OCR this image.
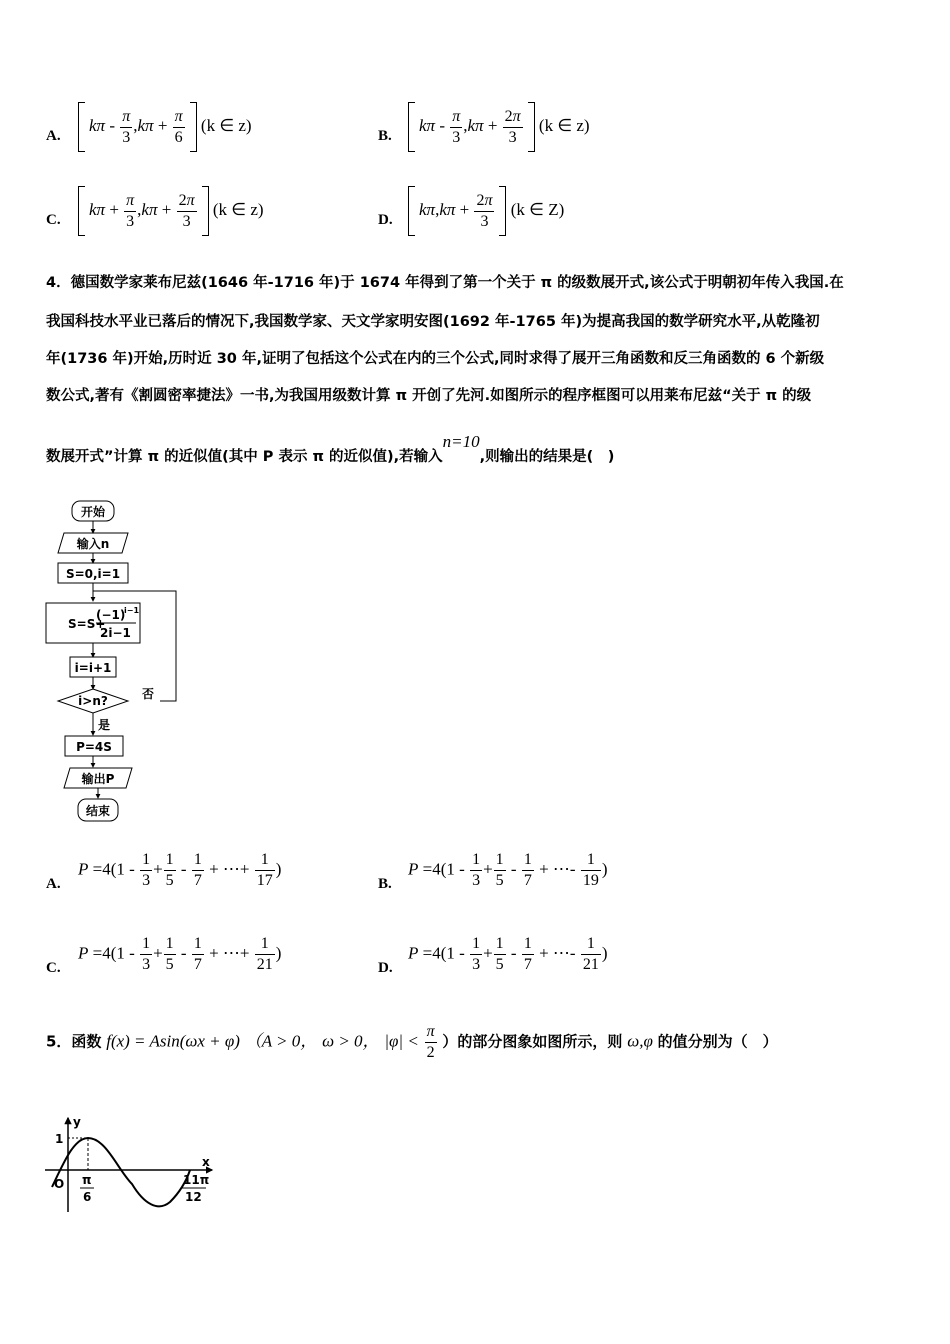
A.
$k\pi - \frac{\pi}{3} ,k\pi + \frac{\pi}{6} (k$ ∈ z)
B.
$k\pi - \frac{\pi}{3} ,k\pi + \frac{2\pi}{3} (k$ ∈ z)
C.
$k\pi + \frac{\pi}{3} ,k\pi + \frac{2\pi}{3} (k$ ∈ z)
D.
$k\pi,k\pi + \frac{2\pi}{3} (k$ ∈ Z)
4．德国数学家莱布尼兹(1646 年-1716 年)于 1674 年得到了第一个关于 π 的级数展开式,该公式于明朝初年传入我国.在
我国科技水平业已落后的情况下,我国数学家、天文学家明安图(1692 年-1765 年)为提高我国的数学研究水平,从乾隆初
年(1736 年)开始,历时近 30 年,证明了包括这个公式在内的三个公式,同时求得了展开三角函数和反三角函数的 6 个新级
数公式,著有《割圆密率捷法》一书,为我国用级数计算 π 开创了先河.如图所示的程序框图可以用莱布尼兹“关于 π 的级
数展开式”计算 π 的近似值(其中 P 表示 π 的近似值),若输入n=10,则输出的结果是(　)
开始
输入n
S=0,i=1
S=S+
(−1)
i−1
2i−1
i=i+1
i>n?	否
是
P=4S
输出P
结束
A.
$P =4(1 - \frac{1}{3} + \frac{1}{5} - \frac{1}{7}$ + ⋯+ $\frac{1}{17}$ )
B.
$P =4(1 - \frac{1}{3} + \frac{1}{5} - \frac{1}{7}$ + ⋯- $\frac{1}{19}$ )
C.
$P =4(1 - \frac{1}{3} + \frac{1}{5} - \frac{1}{7}$ + ⋯+ $\frac{1}{21}$ )
D.
$P =4(1 - \frac{1}{3} + \frac{1}{5} - \frac{1}{7}$ + ⋯- $\frac{1}{21}$ )
5．函数 f(x) = Asin(ωx + φ) （A > 0， ω > 0， $|\varphi| < \frac{\pi}{2}$ ）的部分图象如图所示，则 ω,φ 的值分别为（　）
y
x
1
O π
6
11π
12
